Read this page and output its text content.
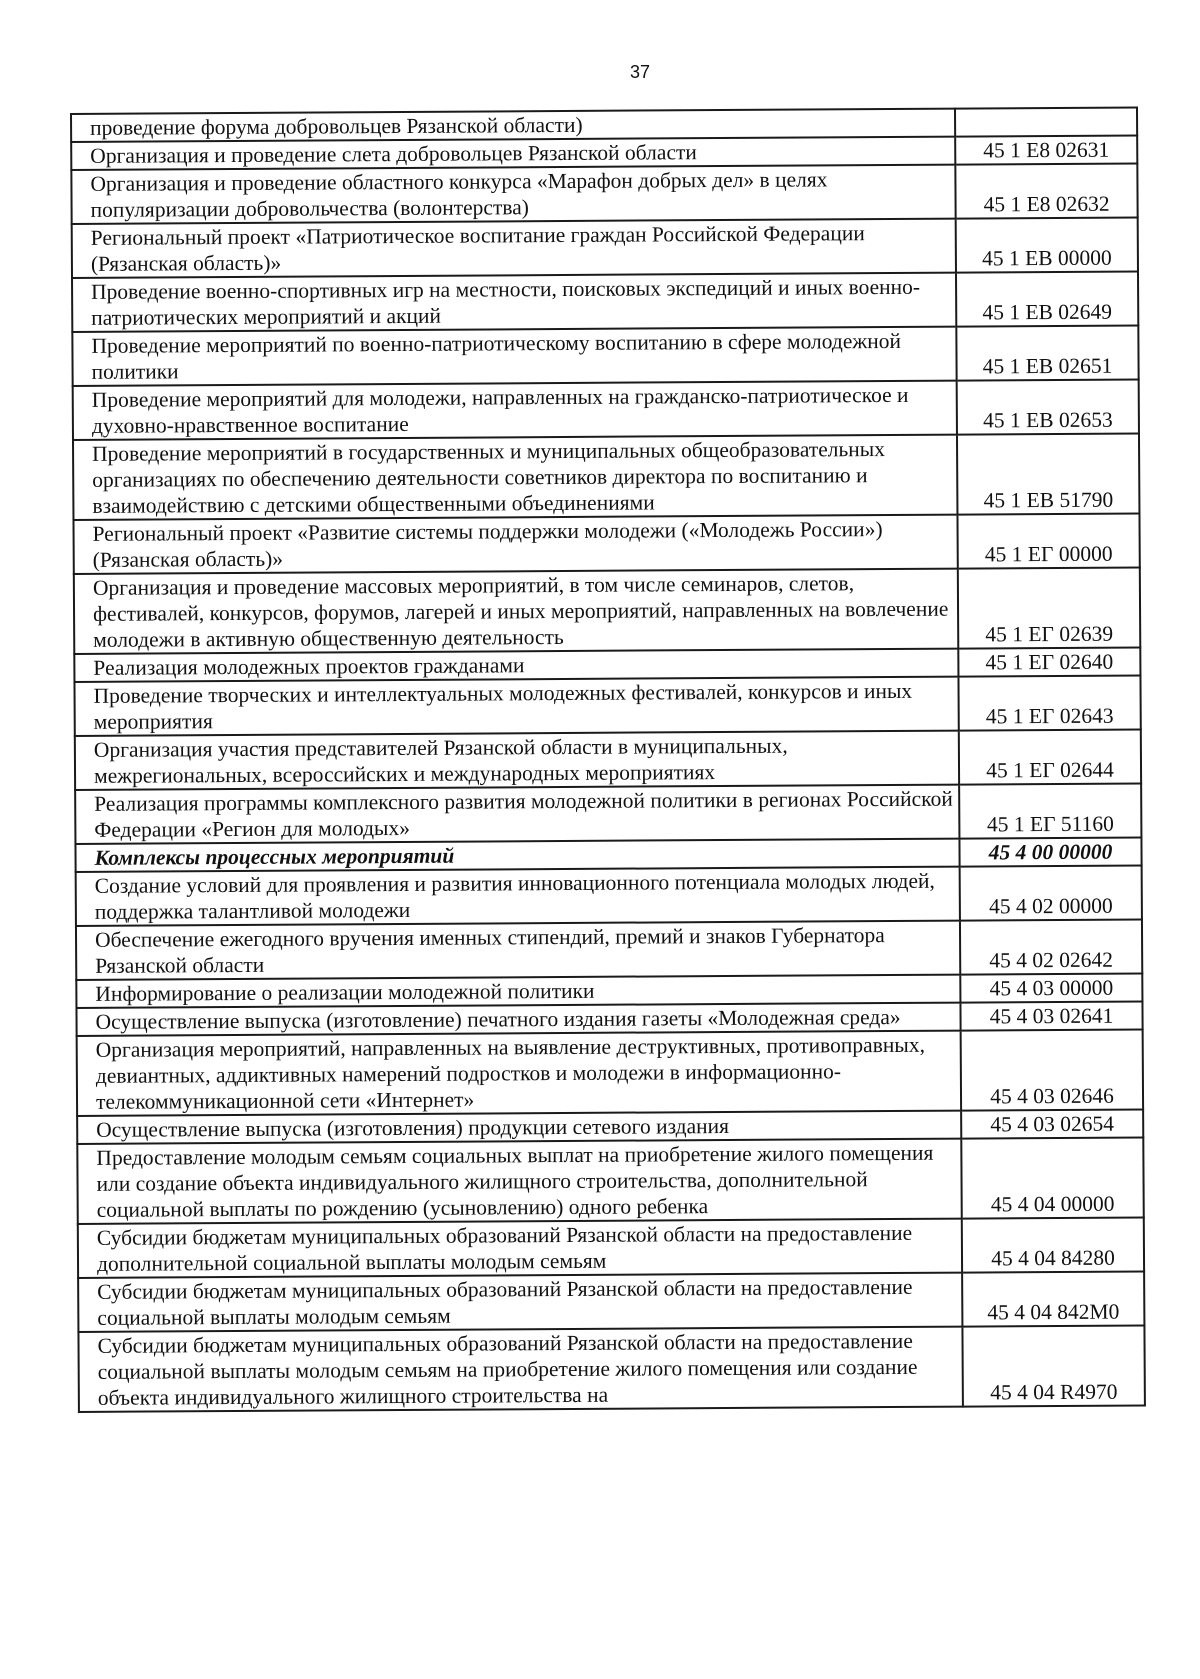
37
проведение форума добровольцев Рязанской области)	
Организация и проведение слета добровольцев Рязанской области	45 1 Е8 02631
Организация и проведение областного конкурса «Марафон добрых дел» в целях популяризации добровольчества (волонтерства)	45 1 Е8 02632
Региональный проект «Патриотическое воспитание граждан Российской Федерации (Рязанская область)»	45 1 ЕВ 00000
Проведение военно-спортивных игр на местности, поисковых экспедиций и иных военно-патриотических мероприятий и акций	45 1 ЕВ 02649
Проведение мероприятий по военно-патриотическому воспитанию в сфере молодежной политики	45 1 ЕВ 02651
Проведение мероприятий для молодежи, направленных на гражданско-патриотическое и духовно-нравственное воспитание	45 1 ЕВ 02653
Проведение мероприятий в государственных и муниципальных общеобразовательных организациях по обеспечению деятельности советников директора по воспитанию и взаимодействию с детскими общественными объединениями	45 1 ЕВ 51790
Региональный проект «Развитие системы поддержки молодежи («Молодежь России») (Рязанская область)»	45 1 ЕГ 00000
Организация и проведение массовых мероприятий, в том числе семинаров, слетов, фестивалей, конкурсов, форумов, лагерей и иных мероприятий, направленных на вовлечение молодежи в активную общественную деятельность	45 1 ЕГ 02639
Реализация молодежных проектов гражданами	45 1 ЕГ 02640
Проведение творческих и интеллектуальных молодежных фестивалей, конкурсов и иных мероприятия	45 1 ЕГ 02643
Организация участия представителей Рязанской области в муниципальных, межрегиональных, всероссийских и международных мероприятиях	45 1 ЕГ 02644
Реализация программы комплексного развития молодежной политики в регионах Российской Федерации «Регион для молодых»	45 1 ЕГ 51160
Комплексы процессных мероприятий	45 4 00 00000
Создание условий для проявления и развития инновационного потенциала молодых людей, поддержка талантливой молодежи	45 4 02 00000
Обеспечение ежегодного вручения именных стипендий, премий и знаков Губернатора Рязанской области	45 4 02 02642
Информирование о реализации молодежной политики	45 4 03 00000
Осуществление выпуска (изготовление) печатного издания газеты «Молодежная среда»	45 4 03 02641
Организация мероприятий, направленных на выявление деструктивных, противоправных, девиантных, аддиктивных намерений подростков и молодежи в информационно-телекоммуникационной сети «Интернет»	45 4 03 02646
Осуществление выпуска (изготовления) продукции сетевого издания	45 4 03 02654
Предоставление молодым семьям социальных выплат на приобретение жилого помещения или создание объекта индивидуального жилищного строительства, дополнительной социальной выплаты по рождению (усыновлению) одного ребенка	45 4 04 00000
Субсидии бюджетам муниципальных образований Рязанской области на предоставление дополнительной социальной выплаты молодым семьям	45 4 04 84280
Субсидии бюджетам муниципальных образований Рязанской области на предоставление социальной выплаты молодым семьям	45 4 04 842М0
Субсидии бюджетам муниципальных образований Рязанской области на предоставление социальной выплаты молодым семьям на приобретение жилого помещения или создание объекта индивидуального жилищного строительства на	45 4 04 R4970
